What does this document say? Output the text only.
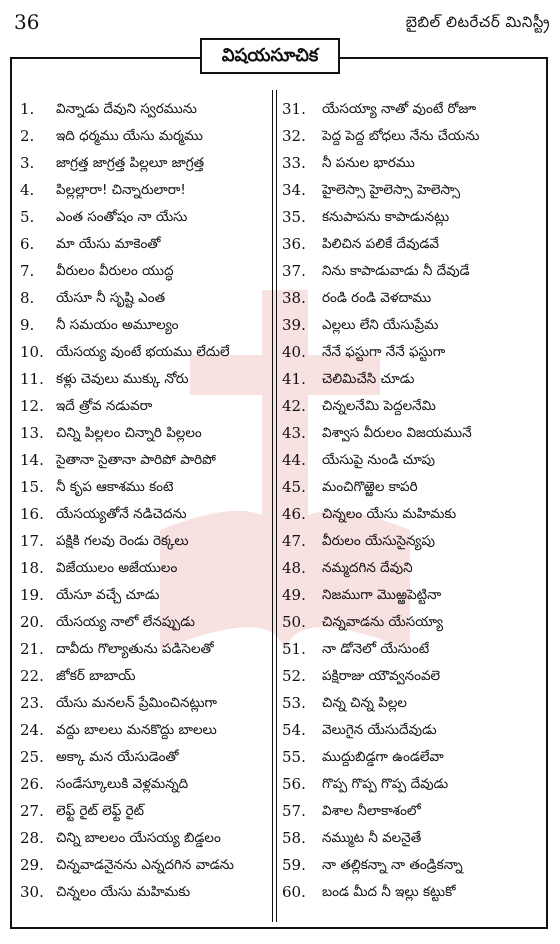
36	బైబిల్ లిటరేచర్ మినిస్ట్రీ
విషయసూచిక
1.	విన్నాడు దేవుని స్వరమును
2.	ఇది ధర్మము యేసు మర్మము
3.	జాగ్రత్త జాగ్రత్త పిల్లలూ జాగ్రత్త
4.	పిల్లల్లారా! చిన్నారులారా!
5.	ఎంత సంతోషం నా యేసు
6.	మా యేసు మాకెంతో
7.	వీరులం వీరులం యుద్ధ
8.	యేసూ నీ సృష్టి ఎంత
9.	నీ సమయం అమూల్యం
10. యేసయ్య వుంటే భయము లేదులే
11. కళ్లు చెవులు ముక్కు నోరు
12. ఇదే త్రోవ నడువరా
13. చిన్ని పిల్లలం చిన్నారి పిల్లలం
14. సైతానా సైతానా పారిపో పారిపో
15. నీ కృప ఆకాశము కంటె
16. యేసయ్యతోనే నడిచెదను
17. పక్షికి గలవు రెండు రెక్కలు
18. విజేయులం అజేయులం
19. యేసూ వచ్చే చూడు
20. యేసయ్య నాలో లేనప్పుడు
21. దావీదు గొల్యాతును పడిసెలతో
22. జోకర్ బాబాయ్
23. యేసు మనలన్ ప్రేమించినట్లుగా
24. వద్దు బాలలు మనకొద్దు బాలలు
25. అక్కా మన యేసుడెంతో
26. సండేస్కూలుకి వెళ్లమన్నది
27. లెఫ్ట్ రైట్ లెఫ్ట్ రైట్
28. చిన్ని బాలలం యేసయ్య బిడ్డలం
29. చిన్నవాడనైనను ఎన్నదగిన వాడను
30. చిన్నలం యేసు మహిమకు
31.	యేసయ్యా నాతో వుంటే రోజూ
32.	పెద్ద పెద్ద బోధలు నేను చేయను
33.	నీ పనుల భారము
34.	హైలెస్సా హైలెస్సా హెలెస్సా
35.	కనుపాపను కాపాడునట్లు
36.	పిలిచిన పలికే దేవుడవే
37.	నిను కాపాడువాడు నీ దేవుడే
38.	రండి రండి వెళదాము
39.	ఎల్లలు లేని యేసుప్రేమ
40.	నేనే ఫస్టుగా నేనే ఫస్టుగా
41.	చెలిమిచేసి చూడు
42.	చిన్నలనేమి పెద్దలనేమి
43.	విశ్వాస వీరులం విజయమునే
44.	యేసుపై నుండి చూపు
45.	మంచిగొఱ్ఱెల కాపరి
46.	చిన్నలం యేసు మహిమకు
47.	వీరులం యేసుసైన్యపు
48.	నమ్మదగిన దేవుని
49.	నిజముగా మొఱ్ఱపెట్టినా
50.	చిన్నవాడను యేసయ్యా
51.	నా డోనెలో యేసుంటే
52.	పక్షిరాజు యౌవ్వనంవలె
53.	చిన్న చిన్న పిల్లల
54.	వెలుగైన యేసుదేవుడు
55.	ముద్దుబిడ్డగా ఉండలేవా
56.	గొప్ప గొప్ప గొప్ప దేవుడు
57.	విశాల నీలాకాశంలో
58.	నమ్ముట నీ వలనైతే
59.	నా తల్లికన్నా నా తండ్రికన్నా
60.	బండ మీద నీ ఇల్లు కట్టుకో
